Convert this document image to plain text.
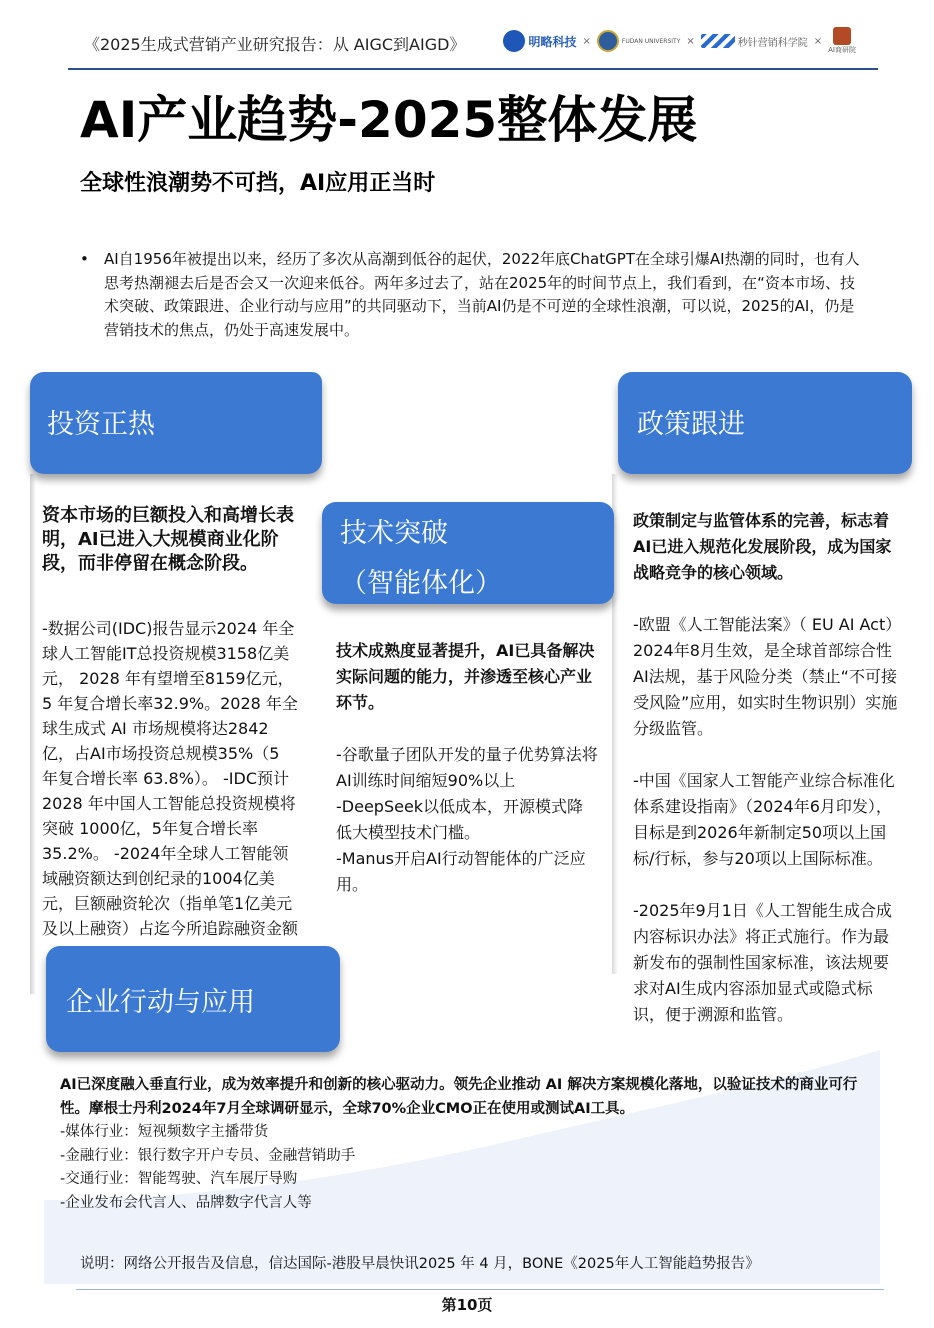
《2025生成式营销产业研究报告：从 AIGC到AIGD》	明略科技 ×	FUDAN UNIVERSITY ×	秒针营销科学院 ×
AI商研院
AI产业趋势-2025整体发展
全球性浪潮势不可挡，AI应用正当时
•	AI自1956年被提出以来，经历了多次从高潮到低谷的起伏，2022年底ChatGPT在全球引爆AI热潮的同时，也有人思考热潮褪去后是否会又一次迎来低谷。两年多过去了，站在2025年的时间节点上，我们看到，在“资本市场、技术突破、政策跟进、企业行动与应用”的共同驱动下，当前AI仍是不可逆的全球性浪潮，可以说，2025的AI，仍是营销技术的焦点，仍处于高速发展中。
投资正热
资本市场的巨额投入和高增长表明，AI已进入大规模商业化阶段，而非停留在概念阶段。
-数据公司(IDC)报告显示2024 年全球人工智能IT总投资规模3158亿美元， 2028 年有望增至8159亿元，5 年复合增长率32.9%。2028 年全球生成式 AI 市场规模将达2842亿，占AI市场投资总规模35%（5 年复合增长率 63.8%）。 -IDC预计 2028 年中国人工智能总投资规模将突破 1000亿，5年复合增长率35.2%。 -2024年全球人工智能领域融资额达到创纪录的1004亿美元，巨额融资轮次（指单笔1亿美元及以上融资）占迄今所追踪融资金额
政策跟进
政策制定与监管体系的完善，标志着AI已进入规范化发展阶段，成为国家战略竞争的核心领域。
-欧盟《人工智能法案》（ EU AI Act）2024年8月生效，是全球首部综合性AI法规，基于风险分类（禁止“不可接受风险”应用，如实时生物识别）实施分级监管。
-中国《国家人工智能产业综合标准化体系建设指南》（2024年6月印发），目标是到2026年新制定50项以上国标/行标，参与20项以上国际标准。
-2025年9月1日《人工智能生成合成内容标识办法》将正式施行。作为最新发布的强制性国家标准，该法规要求对AI生成内容添加显式或隐式标识，便于溯源和监管。
技术突破
（智能体化）
技术成熟度显著提升，AI已具备解决实际问题的能力，并渗透至核心产业环节。
-谷歌量子团队开发的量子优势算法将AI训练时间缩短90%以上
-DeepSeek以低成本，开源模式降低大模型技术门槛。
-Manus开启AI行动智能体的广泛应用。
企业行动与应用
AI已深度融入垂直行业，成为效率提升和创新的核心驱动力。领先企业推动 AI 解决方案规模化落地，以验证技术的商业可行性。摩根士丹利2024年7月全球调研显示，全球70%企业CMO正在使用或测试AI工具。
-媒体行业：短视频数字主播带货
-金融行业：银行数字开户专员、金融营销助手
-交通行业：智能驾驶、汽车展厅导购
-企业发布会代言人、品牌数字代言人等
说明：网络公开报告及信息，信达国际-港股早晨快讯2025 年 4 月，BONE《2025年人工智能趋势报告》
第10页
